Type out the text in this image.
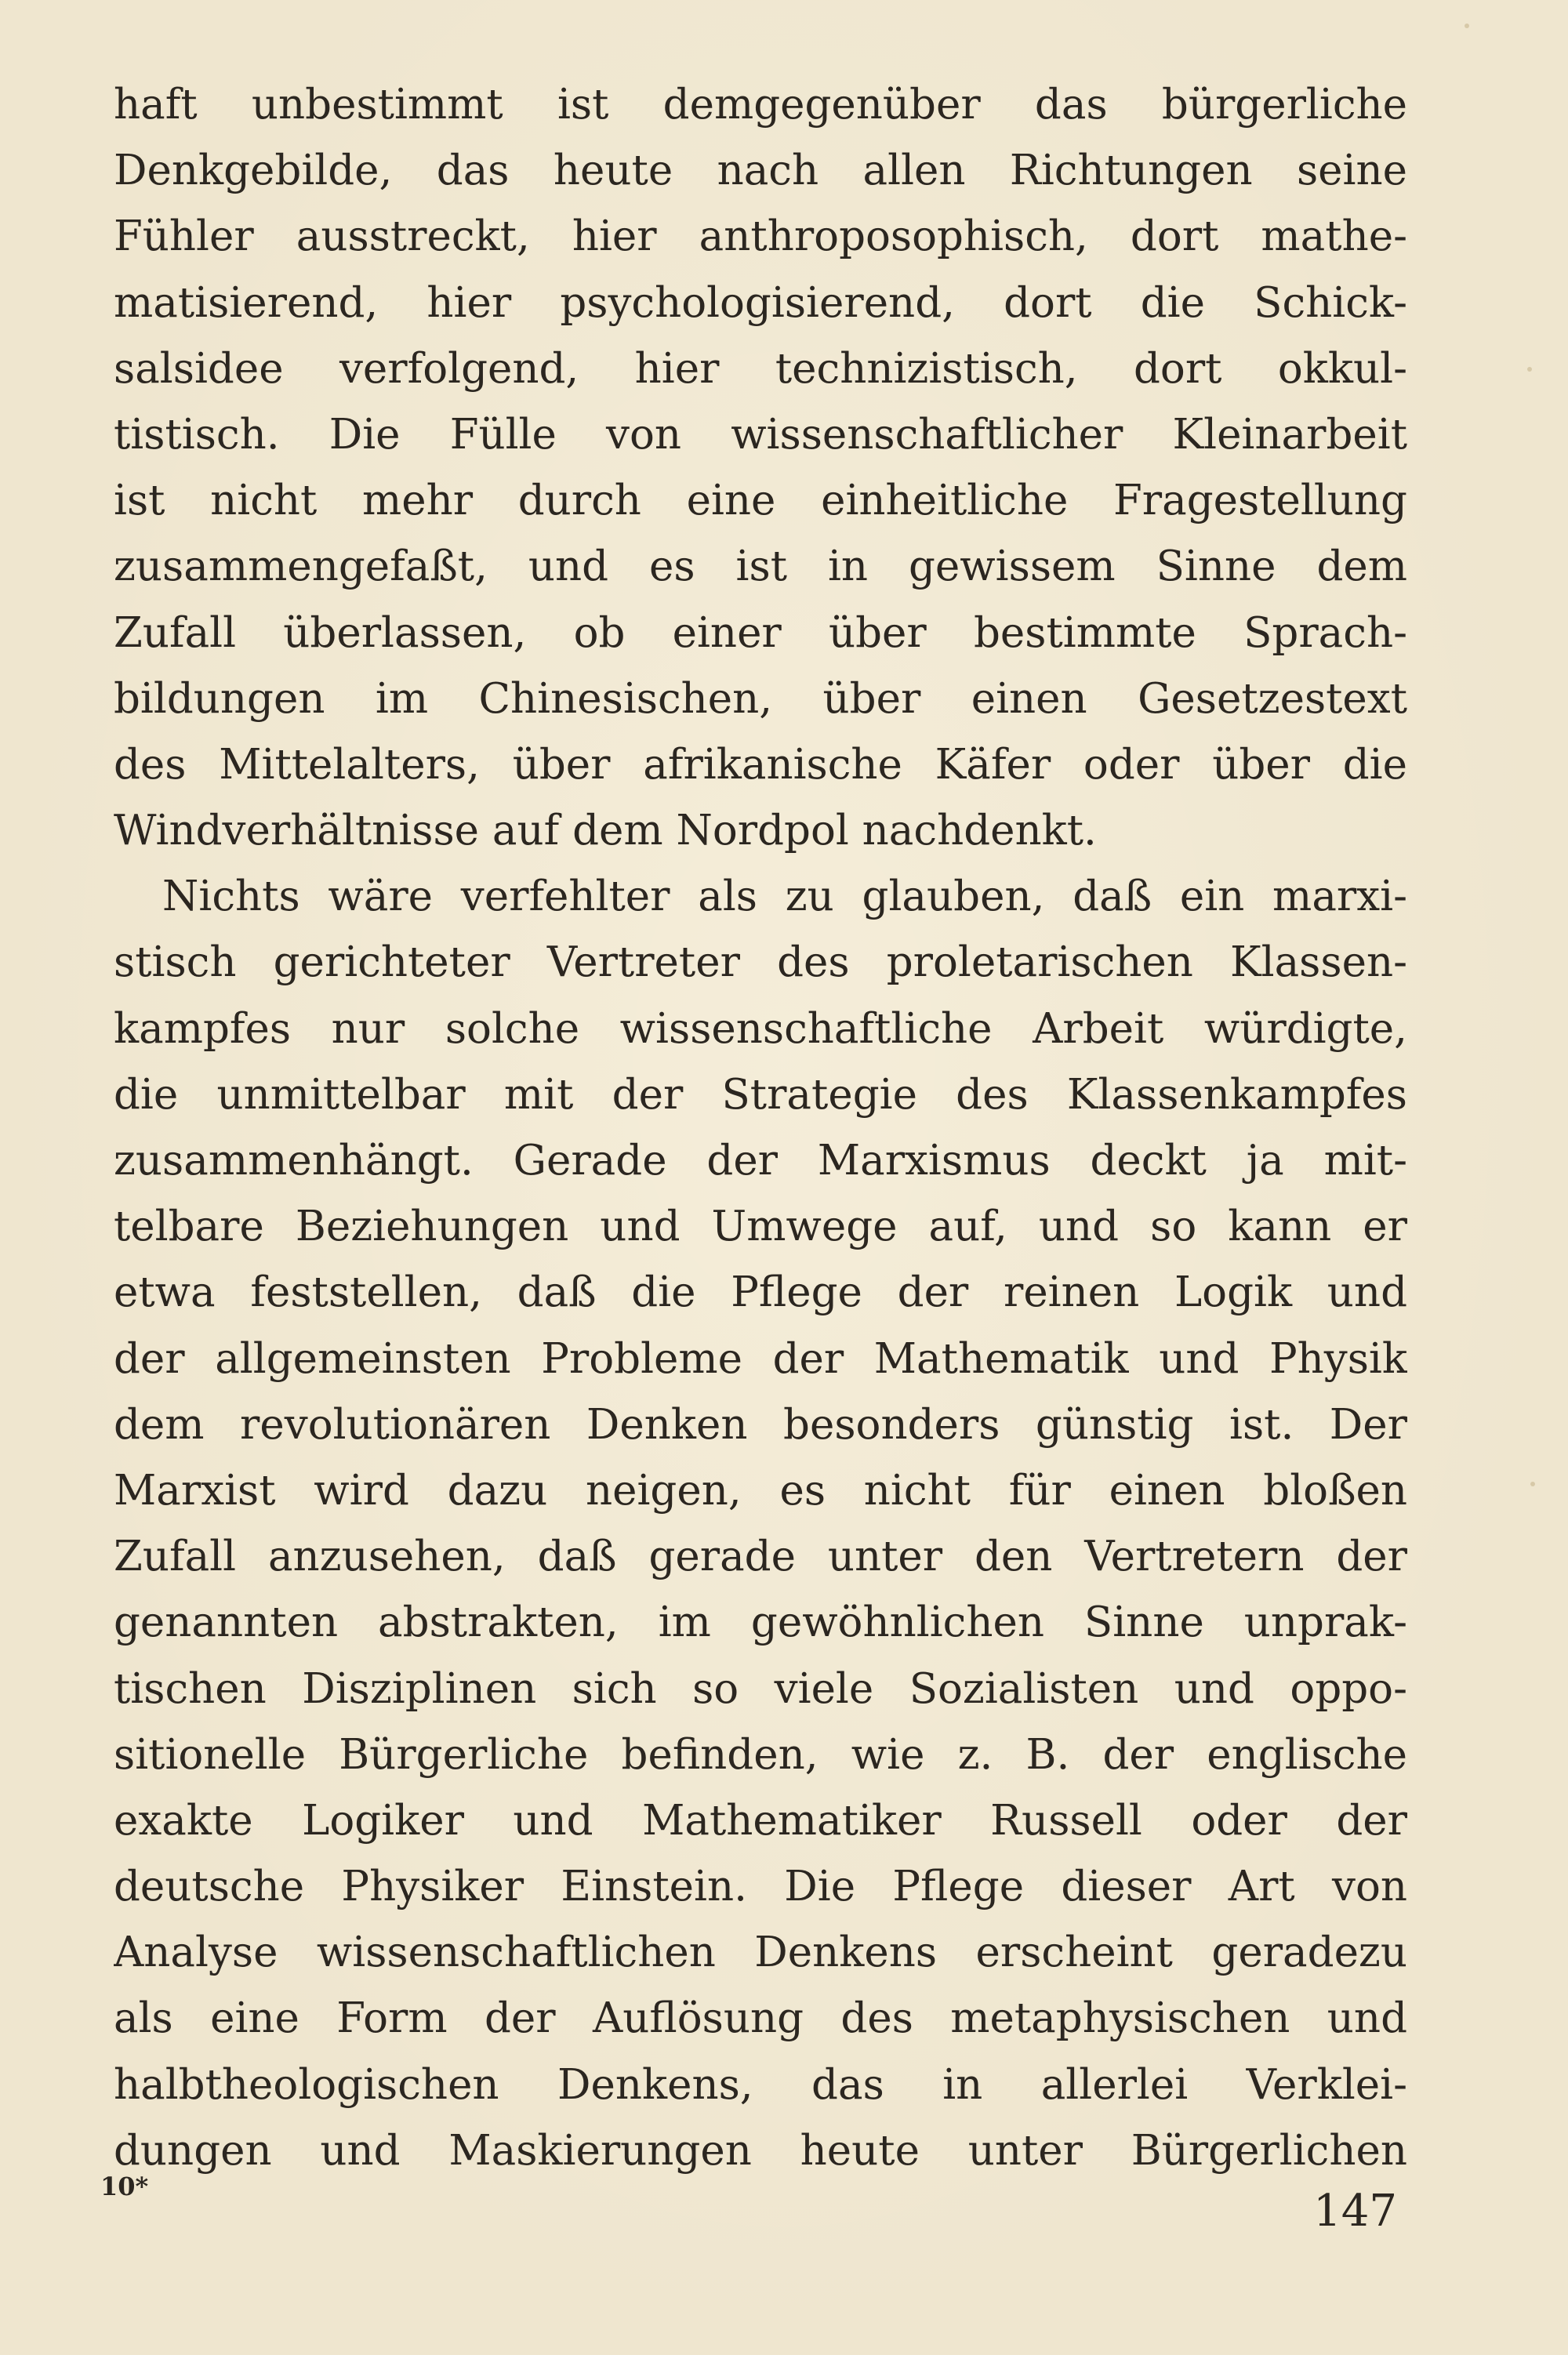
haft unbestimmt ist demgegenüber das bürgerliche
Denkgebilde, das heute nach allen Richtungen seine
Fühler ausstreckt, hier anthroposophisch, dort mathe-
matisierend, hier psychologisierend, dort die Schick-
salsidee verfolgend, hier technizistisch, dort okkul-
tistisch. Die Fülle von wissenschaftlicher Kleinarbeit
ist nicht mehr durch eine einheitliche Fragestellung
zusammengefaßt, und es ist in gewissem Sinne dem
Zufall überlassen, ob einer über bestimmte Sprach-
bildungen im Chinesischen, über einen Gesetzestext
des Mittelalters, über afrikanische Käfer oder über die
Windverhältnisse auf dem Nordpol nachdenkt.
Nichts wäre verfehlter als zu glauben, daß ein marxi-
stisch gerichteter Vertreter des proletarischen Klassen-
kampfes nur solche wissenschaftliche Arbeit würdigte,
die unmittelbar mit der Strategie des Klassenkampfes
zusammenhängt. Gerade der Marxismus deckt ja mit-
telbare Beziehungen und Umwege auf, und so kann er
etwa feststellen, daß die Pflege der reinen Logik und
der allgemeinsten Probleme der Mathematik und Physik
dem revolutionären Denken besonders günstig ist. Der
Marxist wird dazu neigen, es nicht für einen bloßen
Zufall anzusehen, daß gerade unter den Vertretern der
genannten abstrakten, im gewöhnlichen Sinne unprak-
tischen Disziplinen sich so viele Sozialisten und oppo-
sitionelle Bürgerliche befinden, wie z. B. der englische
exakte Logiker und Mathematiker Russell oder der
deutsche Physiker Einstein. Die Pflege dieser Art von
Analyse wissenschaftlichen Denkens erscheint geradezu
als eine Form der Auflösung des metaphysischen und
halbtheologischen Denkens, das in allerlei Verklei-
dungen und Maskierungen heute unter Bürgerlichen
10*	147
